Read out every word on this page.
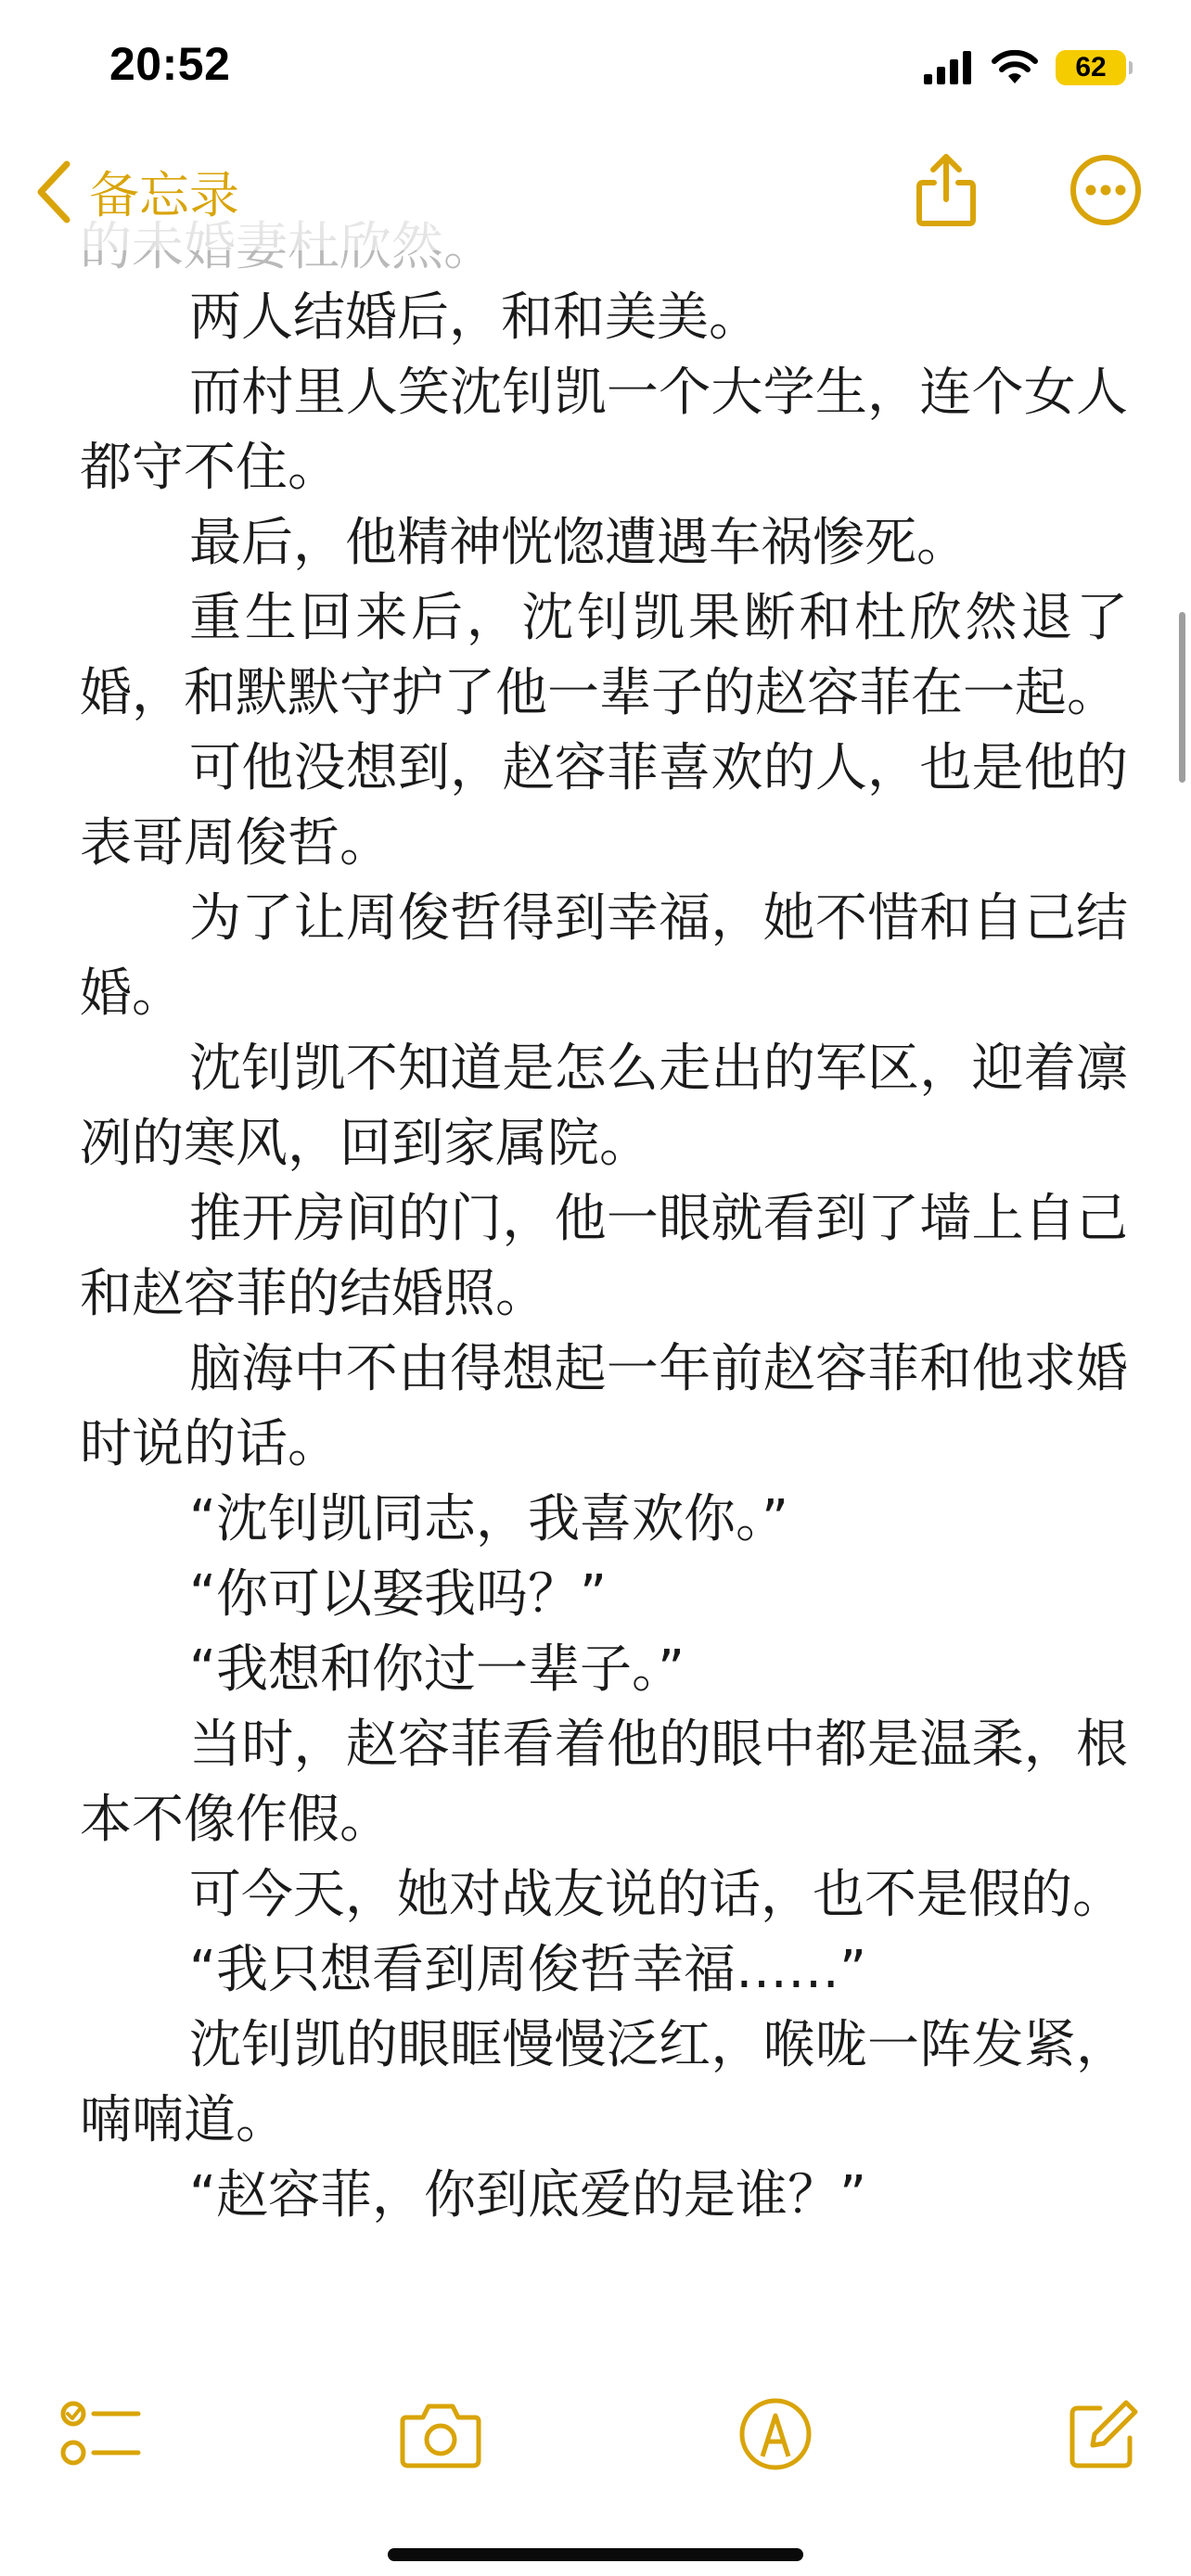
20:52	62
备忘录

两人结婚后，和和美美。

而村里人笑沈钊凯一个大学生，连个女人都守不住。

最后，他精神恍惚遭遇车祸惨死。

重生回来后，沈钊凯果断和杜欣然退了婚，和默默守护了他一辈子的赵容菲在一起。

可他没想到，赵容菲喜欢的人，也是他的表哥周俊哲。

为了让周俊哲得到幸福，她不惜和自己结婚。

沈钊凯不知道是怎么走出的军区，迎着凛冽的寒风，回到家属院。

推开房间的门，他一眼就看到了墙上自己和赵容菲的结婚照。

脑海中不由得想起一年前赵容菲和他求婚时说的话。

“沈钊凯同志，我喜欢你。”

“你可以娶我吗？”

“我想和你过一辈子。”

当时，赵容菲看着他的眼中都是温柔，根本不像作假。

可今天，她对战友说的话，也不是假的。

“我只想看到周俊哲幸福……”

沈钊凯的眼眶慢慢泛红，喉咙一阵发紧，喃喃道。

“赵容菲，你到底爱的是谁？”
